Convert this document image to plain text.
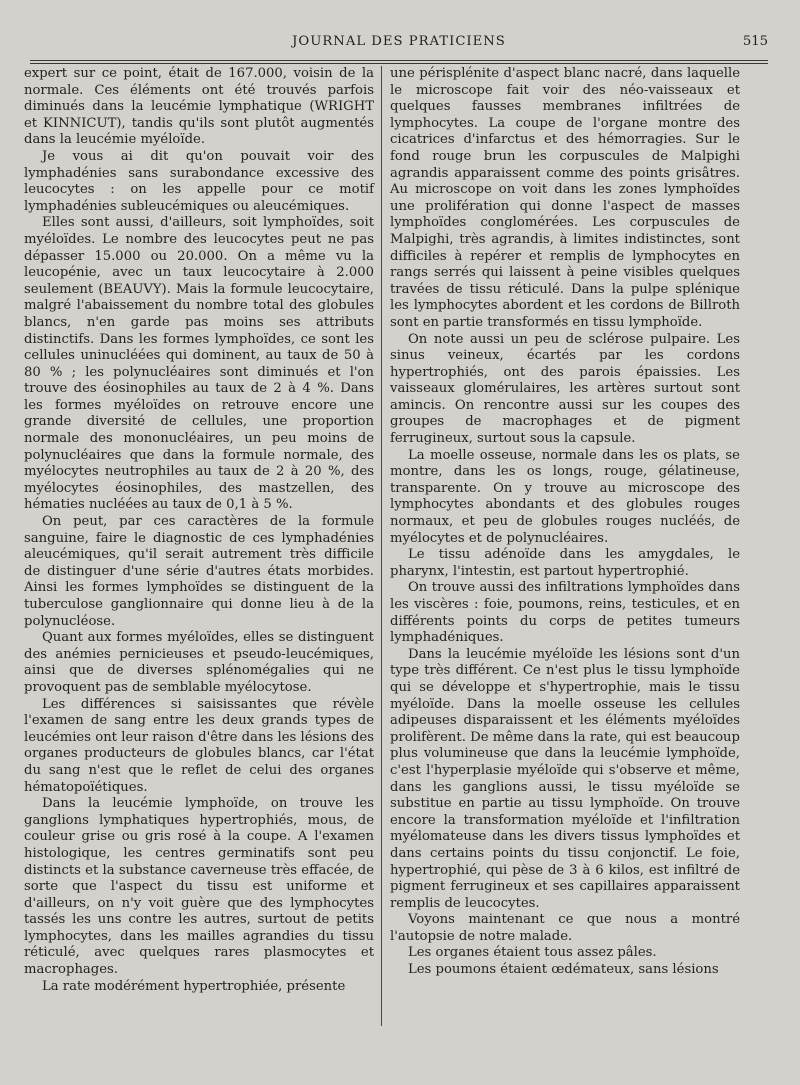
JOURNAL DES PRATICIENS	515

expert sur ce point, était de 167.000, voisin de la normale. Ces éléments ont été trouvés parfois diminués dans la leucémie lymphatique (WRIGHT et KINNICUT), tandis qu'ils sont plutôt augmentés dans la leucémie myéloïde.

Je vous ai dit qu'on pouvait voir des lymphadénies sans surabondance excessive des leucocytes : on les appelle pour ce motif lymphadénies subleucémiques ou aleucémiques.

Elles sont aussi, d'ailleurs, soit lymphoïdes, soit myéloïdes. Le nombre des leucocytes peut ne pas dépasser 15.000 ou 20.000. On a même vu la leucopénie, avec un taux leucocytaire à 2.000 seulement (BEAUVY). Mais la formule leucocytaire, malgré l'abaissement du nombre total des globules blancs, n'en garde pas moins ses attributs distinctifs. Dans les formes lymphoïdes, ce sont les cellules uninucléées qui dominent, au taux de 50 à 80 % ; les polynucléaires sont diminués et l'on trouve des éosinophiles au taux de 2 à 4 %. Dans les formes myéloïdes on retrouve encore une grande diversité de cellules, une proportion normale des mononucléaires, un peu moins de polynucléaires que dans la formule normale, des myélocytes neutrophiles au taux de 2 à 20 %, des myélocytes éosinophiles, des mastzellen, des hématies nucléées au taux de 0,1 à 5 %.

On peut, par ces caractères de la formule sanguine, faire le diagnostic de ces lymphadénies aleucémiques, qu'il serait autrement très difficile de distinguer d'une série d'autres états morbides. Ainsi les formes lymphoïdes se distinguent de la tuberculose ganglionnaire qui donne lieu à de la polynucléose.

Quant aux formes myéloïdes, elles se distinguent des anémies pernicieuses et pseudo-leucémiques, ainsi que de diverses splénomégalies qui ne provoquent pas de semblable myélocytose.

Les différences si saisissantes que révèle l'examen de sang entre les deux grands types de leucémies ont leur raison d'être dans les lésions des organes producteurs de globules blancs, car l'état du sang n'est que le reflet de celui des organes hématopoïétiques.

Dans la leucémie lymphoïde, on trouve les ganglions lymphatiques hypertrophiés, mous, de couleur grise ou gris rosé à la coupe. A l'examen histologique, les centres germinatifs sont peu distincts et la substance caverneuse très effacée, de sorte que l'aspect du tissu est uniforme et d'ailleurs, on n'y voit guère que des lymphocytes tassés les uns contre les autres, surtout de petits lymphocytes, dans les mailles agrandies du tissu réticulé, avec quelques rares plasmocytes et macrophages.

La rate modérément hypertrophiée, présente

une périsplénite d'aspect blanc nacré, dans laquelle le microscope fait voir des néo-vaisseaux et quelques fausses membranes infiltrées de lymphocytes. La coupe de l'organe montre des cicatrices d'infarctus et des hémorragies. Sur le fond rouge brun les corpuscules de Malpighi agrandis apparaissent comme des points grisâtres. Au microscope on voit dans les zones lymphoïdes une prolifération qui donne l'aspect de masses lymphoïdes conglomérées. Les corpuscules de Malpighi, très agrandis, à limites indistinctes, sont difficiles à repérer et remplis de lymphocytes en rangs serrés qui laissent à peine visibles quelques travées de tissu réticulé. Dans la pulpe splénique les lymphocytes abordent et les cordons de Billroth sont en partie transformés en tissu lymphoïde.

On note aussi un peu de sclérose pulpaire. Les sinus veineux, écartés par les cordons hypertrophiés, ont des parois épaissies. Les vaisseaux glomérulaires, les artères surtout sont amincis. On rencontre aussi sur les coupes des groupes de macrophages et de pigment ferrugineux, surtout sous la capsule.

La moelle osseuse, normale dans les os plats, se montre, dans les os longs, rouge, gélatineuse, transparente. On y trouve au microscope des lymphocytes abondants et des globules rouges normaux, et peu de globules rouges nucléés, de myélocytes et de polynucléaires.

Le tissu adénoïde dans les amygdales, le pharynx, l'intestin, est partout hypertrophié.

On trouve aussi des infiltrations lymphoïdes dans les viscères : foie, poumons, reins, testicules, et en différents points du corps de petites tumeurs lymphadéniques.

Dans la leucémie myéloïde les lésions sont d'un type très différent. Ce n'est plus le tissu lymphoïde qui se développe et s'hypertrophie, mais le tissu myéloïde. Dans la moelle osseuse les cellules adipeuses disparaissent et les éléments myéloïdes prolifèrent. De même dans la rate, qui est beaucoup plus volumineuse que dans la leucémie lymphoïde, c'est l'hyperplasie myéloïde qui s'observe et même, dans les ganglions aussi, le tissu myéloïde se substitue en partie au tissu lymphoïde. On trouve encore la transformation myéloïde et l'infiltration myélomateuse dans les divers tissus lymphoïdes et dans certains points du tissu conjonctif. Le foie, hypertrophié, qui pèse de 3 à 6 kilos, est infiltré de pigment ferrugineux et ses capillaires apparaissent remplis de leucocytes.

Voyons maintenant ce que nous a montré l'autopsie de notre malade.

Les organes étaient tous assez pâles.

Les poumons étaient œdémateux, sans lésions
